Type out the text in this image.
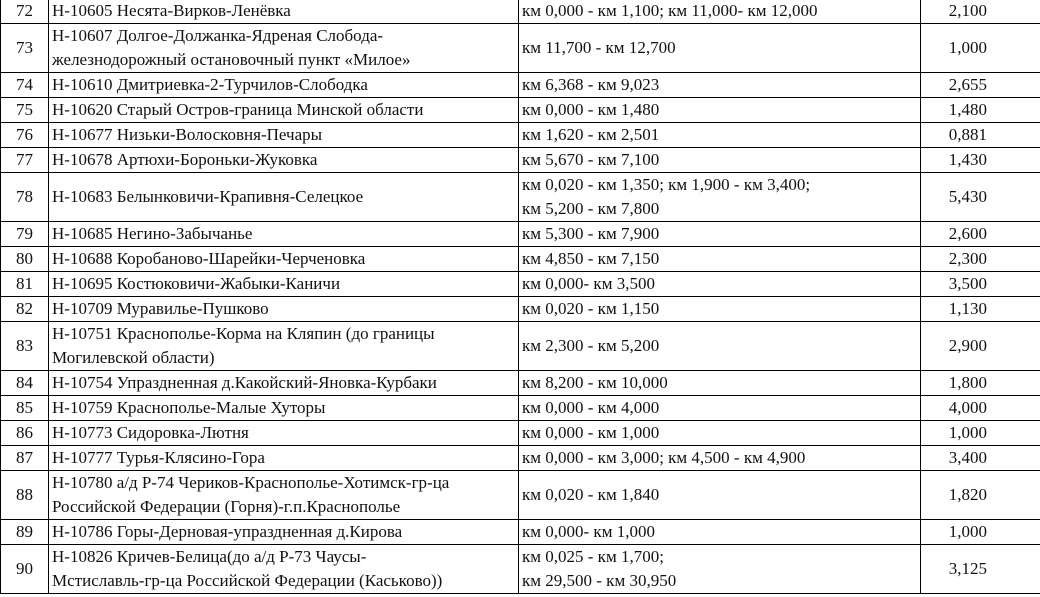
72	Н-10605 Несята-Вирков-Ленёвка	км 0,000 - км 1,100; км 11,000- км 12,000	2,100
73	Н-10607 Долгое-Должанка-Ядреная Слобода-
железнодорожный остановочный пункт «Милое»	км 11,700 - км 12,700	1,000
74	Н-10610 Дмитриевка-2-Турчилов-Слободка	км 6,368 - км 9,023	2,655
75	Н-10620 Старый Остров-граница Минской области	км 0,000 - км 1,480	1,480
76	Н-10677 Низьки-Волосковня-Печары	км 1,620 - км 2,501	0,881
77	Н-10678 Артюхи-Бороньки-Жуковка	км 5,670 - км 7,100	1,430
78	Н-10683 Белынковичи-Крапивня-Селецкое	км 0,020 - км 1,350; км 1,900 - км 3,400;
км 5,200 - км 7,800	5,430
79	Н-10685 Негино-Забычанье	км 5,300 - км 7,900	2,600
80	Н-10688 Коробаново-Шарейки-Черченовка	км 4,850 - км 7,150	2,300
81	Н-10695 Костюковичи-Жабыки-Каничи	км 0,000- км 3,500	3,500
82	Н-10709 Муравилье-Пушково	км 0,020 - км 1,150	1,130
83	Н-10751 Краснополье-Корма на Кляпин (до границы
Могилевской области)	км 2,300 - км 5,200	2,900
84	Н-10754 Упраздненная д.Какойский-Яновка-Курбаки	км 8,200 - км 10,000	1,800
85	Н-10759 Краснополье-Малые Хуторы	км 0,000 - км 4,000	4,000
86	Н-10773 Сидоровка-Лютня	км 0,000 - км 1,000	1,000
87	Н-10777 Турья-Клясино-Гора	км 0,000 - км 3,000; км 4,500 - км 4,900	3,400
88	Н-10780 а/д Р-74 Чериков-Краснополье-Хотимск-гр-ца
Российской Федерации (Горня)-г.п.Краснополье	км 0,020 - км 1,840	1,820
89	Н-10786 Горы-Дерновая-упраздненная д.Кирова	км 0,000- км 1,000	1,000
90	Н-10826 Кричев-Белица(до а/д Р-73 Чаусы-
Мстиславль-гр-ца Российской Федерации (Каськово))	км 0,025 - км 1,700;
км 29,500 - км 30,950	3,125
